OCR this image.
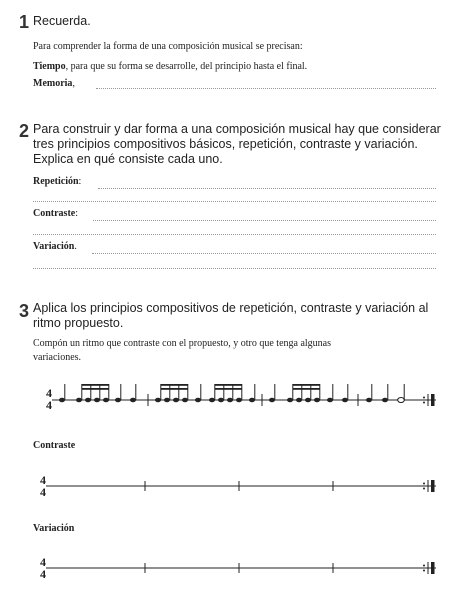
1 Recuerda.
Para comprender la forma de una composición musical se precisan:
Tiempo, para que su forma se desarrolle, del principio hasta el final.
Memoria,
2 Para construir y dar forma a una composición musical hay que considerar
tres principios compositivos básicos, repetición, contraste y variación.
Explica en qué consiste cada uno.
Repetición:
Contraste:
Variación.
3 Aplica los principios compositivos de repetición, contraste y variación al
ritmo propuesto.
Compón un ritmo que contraste con el propuesto, y otro que tenga algunas
variaciones.
Contraste
Variación
4
4
4
4
4
4
